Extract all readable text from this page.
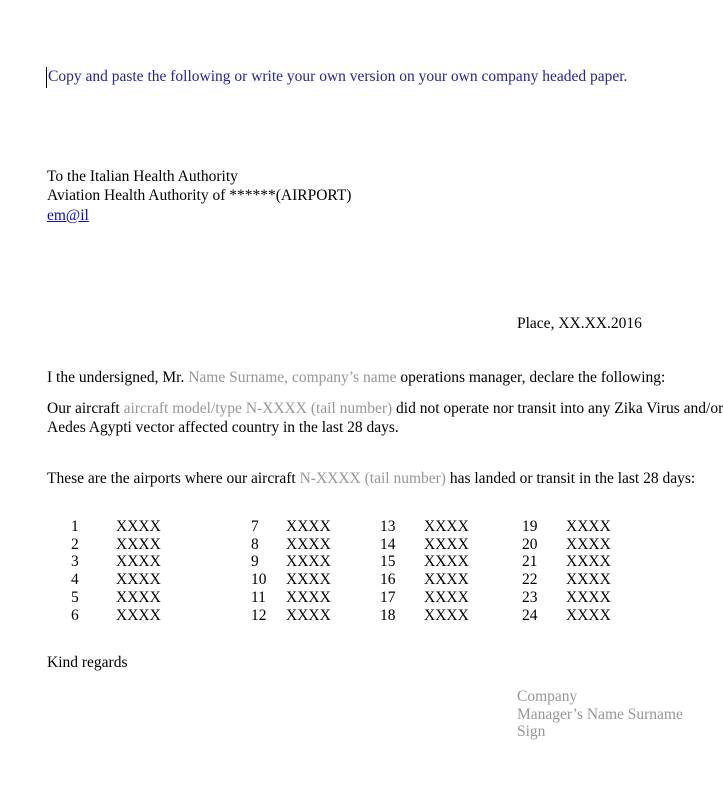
Copy and paste the following or write your own version on your own company headed paper.
To the Italian Health Authority
Aviation Health Authority of ******(AIRPORT)
em@il
Place, XX.XX.2016
I the undersigned, Mr. Name Surname, company’s name operations manager, declare the following:
Our aircraft aircraft model/type N-XXXX (tail number) did not operate nor transit into any Zika Virus and/or
Aedes Agypti vector affected country in the last 28 days.
These are the airports where our aircraft N-XXXX (tail number) has landed or transit in the last 28 days:
1	XXXX	7	XXXX	13	XXXX	19	XXXX
2	XXXX	8	XXXX	14	XXXX	20	XXXX
3	XXXX	9	XXXX	15	XXXX	21	XXXX
4	XXXX	10	XXXX	16	XXXX	22	XXXX
5	XXXX	11	XXXX	17	XXXX	23	XXXX
6	XXXX	12	XXXX	18	XXXX	24	XXXX
Kind regards
Company
Manager’s Name Surname
Sign
